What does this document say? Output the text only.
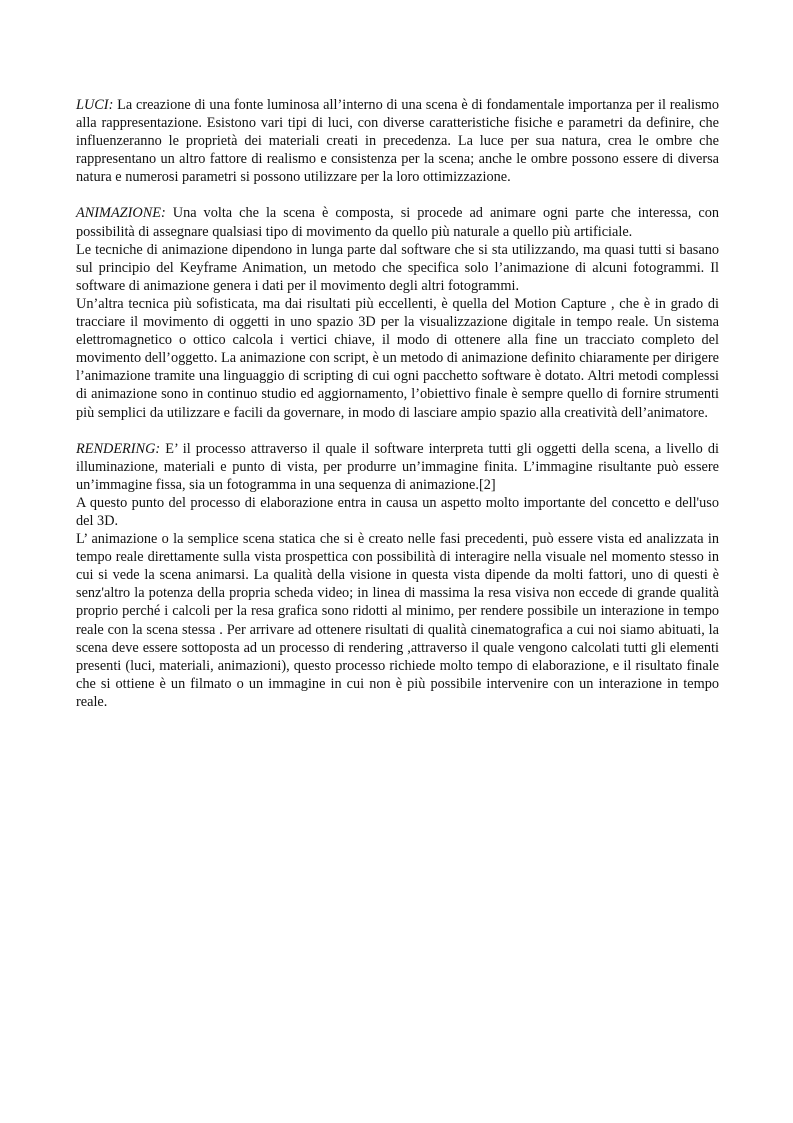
LUCI: La creazione di una fonte luminosa all’interno di una scena è di fondamentale importanza per il realismo alla rappresentazione. Esistono vari tipi di luci, con diverse caratteristiche fisiche e parametri da definire, che influenzeranno le proprietà dei materiali creati in precedenza. La luce per sua natura, crea le ombre che rappresentano un altro fattore di realismo e consistenza per la scena; anche le ombre possono essere di diversa natura e numerosi parametri si possono utilizzare per la loro ottimizzazione.

ANIMAZIONE: Una volta che la scena è composta, si procede ad animare ogni parte che interessa, con possibilità di assegnare qualsiasi tipo di movimento da quello più naturale a quello più artificiale.

Le tecniche di animazione dipendono in lunga parte dal software che si sta utilizzando, ma quasi tutti si basano sul principio del Keyframe Animation, un metodo che specifica solo l’animazione di alcuni fotogrammi. Il software di animazione genera i dati per il movimento degli altri fotogrammi.

Un’altra tecnica più sofisticata, ma dai risultati più eccellenti, è quella del Motion Capture , che è in grado di tracciare il movimento di oggetti in uno spazio 3D per la visualizzazione digitale in tempo reale. Un sistema elettromagnetico o ottico calcola i vertici chiave, il modo di ottenere alla fine un tracciato completo del movimento dell’oggetto. La animazione con script, è un metodo di animazione definito chiaramente per dirigere l’animazione tramite una linguaggio di scripting di cui ogni pacchetto software è dotato. Altri metodi complessi di animazione sono in continuo studio ed aggiornamento, l’obiettivo finale è sempre quello di fornire strumenti più semplici da utilizzare e facili da governare, in modo di lasciare ampio spazio alla creatività dell’animatore.

RENDERING: E’ il processo attraverso il quale il software interpreta tutti gli oggetti della scena, a livello di illuminazione, materiali e punto di vista, per produrre un’immagine finita. L’immagine risultante può essere un’immagine fissa, sia un fotogramma in una sequenza di animazione.[2]

A questo punto del processo di elaborazione entra in causa un aspetto molto importante del concetto e dell'uso del 3D.

L’ animazione o la semplice scena statica che si è creato nelle fasi precedenti, può essere vista ed analizzata in tempo reale direttamente sulla vista prospettica con possibilità di interagire nella visuale nel momento stesso in cui si vede la scena animarsi. La qualità della visione in questa vista dipende da molti fattori, uno di questi è senz'altro la potenza della propria scheda video; in linea di massima la resa visiva non eccede di grande qualità proprio perché i calcoli per la resa grafica sono ridotti al minimo, per rendere possibile un interazione in tempo reale con la scena stessa . Per arrivare ad ottenere risultati di qualità cinematografica a cui noi siamo abituati, la scena deve essere sottoposta ad un processo di rendering ,attraverso il quale vengono calcolati tutti gli elementi presenti (luci, materiali, animazioni), questo processo richiede molto tempo di elaborazione, e il risultato finale che si ottiene è un filmato o un immagine in cui non è più possibile intervenire con un interazione in tempo reale.
